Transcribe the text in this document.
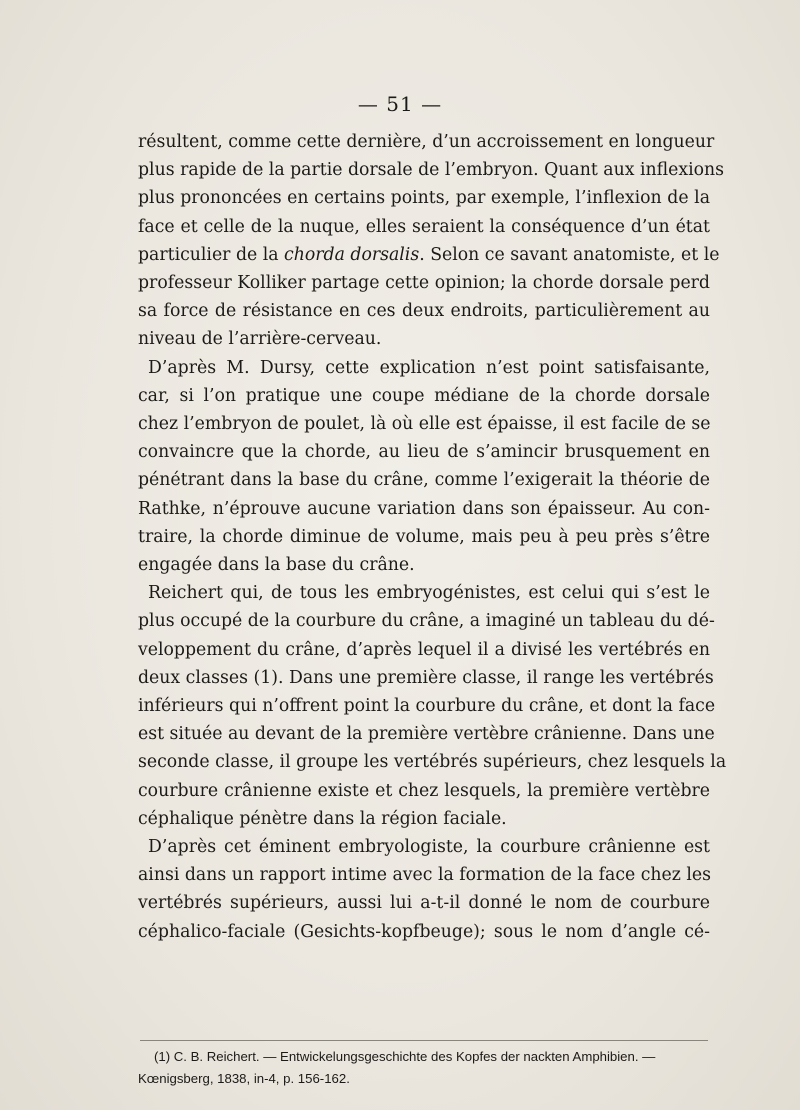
— 51 —
résultent, comme cette dernière, d’un accroissement en longueur
plus rapide de la partie dorsale de l’embryon. Quant aux inflexions
plus prononcées en certains points, par exemple, l’inflexion de la
face et celle de la nuque, elles seraient la conséquence d’un état
particulier de la chorda dorsalis. Selon ce savant anatomiste, et le
professeur Kolliker partage cette opinion; la chorde dorsale perd
sa force de résistance en ces deux endroits, particulièrement au
niveau de l’arrière-cerveau.
D’après M. Dursy, cette explication n’est point satisfaisante,
car, si l’on pratique une coupe médiane de la chorde dorsale
chez l’embryon de poulet, là où elle est épaisse, il est facile de se
convaincre que la chorde, au lieu de s’amincir brusquement en
pénétrant dans la base du crâne, comme l’exigerait la théorie de
Rathke, n’éprouve aucune variation dans son épaisseur. Au con-
traire, la chorde diminue de volume, mais peu à peu près s’être
engagée dans la base du crâne.
Reichert qui, de tous les embryogénistes, est celui qui s’est le
plus occupé de la courbure du crâne, a imaginé un tableau du dé-
veloppement du crâne, d’après lequel il a divisé les vertébrés en
deux classes (1). Dans une première classe, il range les vertébrés
inférieurs qui n’offrent point la courbure du crâne, et dont la face
est située au devant de la première vertèbre crânienne. Dans une
seconde classe, il groupe les vertébrés supérieurs, chez lesquels la
courbure crânienne existe et chez lesquels, la première vertèbre
céphalique pénètre dans la région faciale.
D’après cet éminent embryologiste, la courbure crânienne est
ainsi dans un rapport intime avec la formation de la face chez les
vertébrés supérieurs, aussi lui a-t-il donné le nom de courbure
céphalico-faciale (Gesichts-kopfbeuge); sous le nom d’angle cé-
(1) C. B. Reichert. — Entwickelungsgeschichte des Kopfes der nackten Amphibien. —
Kœnigsberg, 1838, in-4, p. 156-162.
